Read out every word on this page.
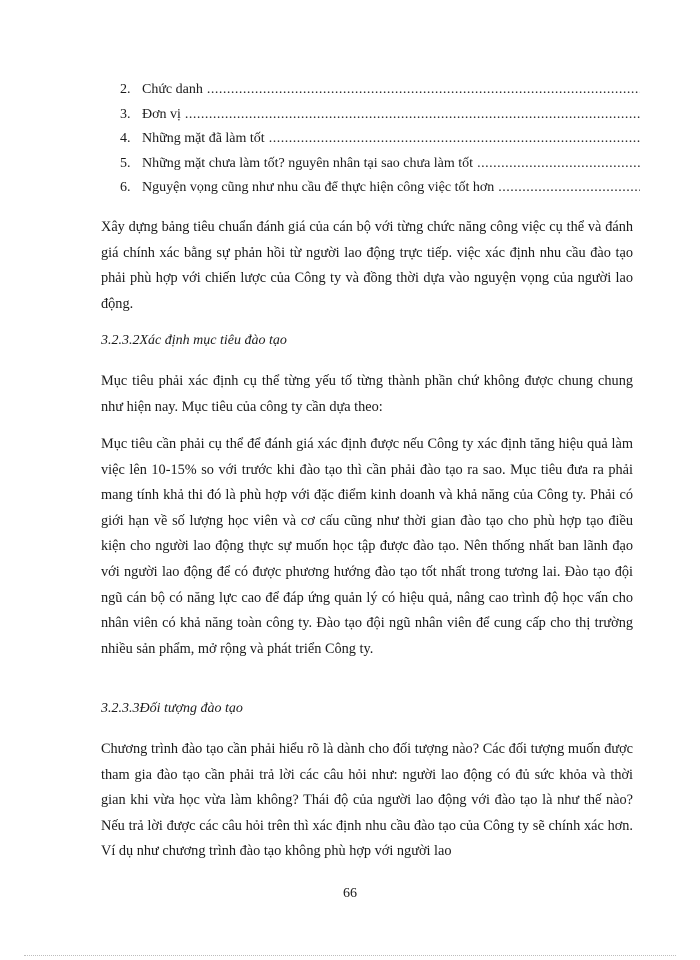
2. Chức danh
.....
3. Đơn vị
.....
4. Những mặt đã làm tốt
.....
5. Những mặt chưa làm tốt? nguyên nhân tại sao chưa làm tốt
.....
6. Nguyện vọng cũng như nhu cầu để thực hiện công việc tốt hơn
.....

Xây dựng bảng tiêu chuẩn đánh giá của cán bộ với từng chức năng công việc cụ thể và đánh giá chính xác bằng sự phản hồi từ người lao động trực tiếp. việc xác định nhu cầu đào tạo phải phù hợp với chiến lược của Công ty và đồng thời dựa vào nguyện vọng của người lao động.

3.2.3.2Xác định mục tiêu đào tạo

Mục tiêu phải xác định cụ thể từng yếu tố từng thành phần chứ không được chung chung như hiện nay. Mục tiêu của công ty cần dựa theo:

Mục tiêu cần phải cụ thể để đánh giá xác định được nếu Công ty xác định tăng hiệu quả làm việc lên 10-15% so với trước khi đào tạo thì cần phải đào tạo ra sao. Mục tiêu đưa ra phải mang tính khả thi đó là phù hợp với đặc điểm kinh doanh và khả năng của Công ty. Phải có giới hạn về số lượng học viên và cơ cấu cũng như thời gian đào tạo cho phù hợp tạo điều kiện cho người lao động thực sự muốn học tập được đào tạo. Nên thống nhất ban lãnh đạo với người lao động để có được phương hướng đào tạo tốt nhất trong tương lai. Đào tạo đội ngũ cán bộ có năng lực cao để đáp ứng quản lý có hiệu quả, nâng cao trình độ học vấn cho nhân viên có khả năng toàn công ty. Đào tạo đội ngũ nhân viên để cung cấp cho thị trường nhiều sản phẩm, mở rộng và phát triển Công ty.

3.2.3.3Đối tượng đào tạo

Chương trình đào tạo cần phải hiểu rõ là dành cho đối tượng nào? Các đối tượng muốn được tham gia đào tạo cần phải trả lời các câu hỏi như: người lao động có đủ sức khỏa và thời gian khi vừa học vừa làm không? Thái độ của người lao động với đào tạo là như thế nào? Nếu trả lời được các câu hỏi trên thì xác định nhu cầu đào tạo của Công ty sẽ chính xác hơn. Ví dụ như chương trình đào tạo không phù hợp với người lao

66
